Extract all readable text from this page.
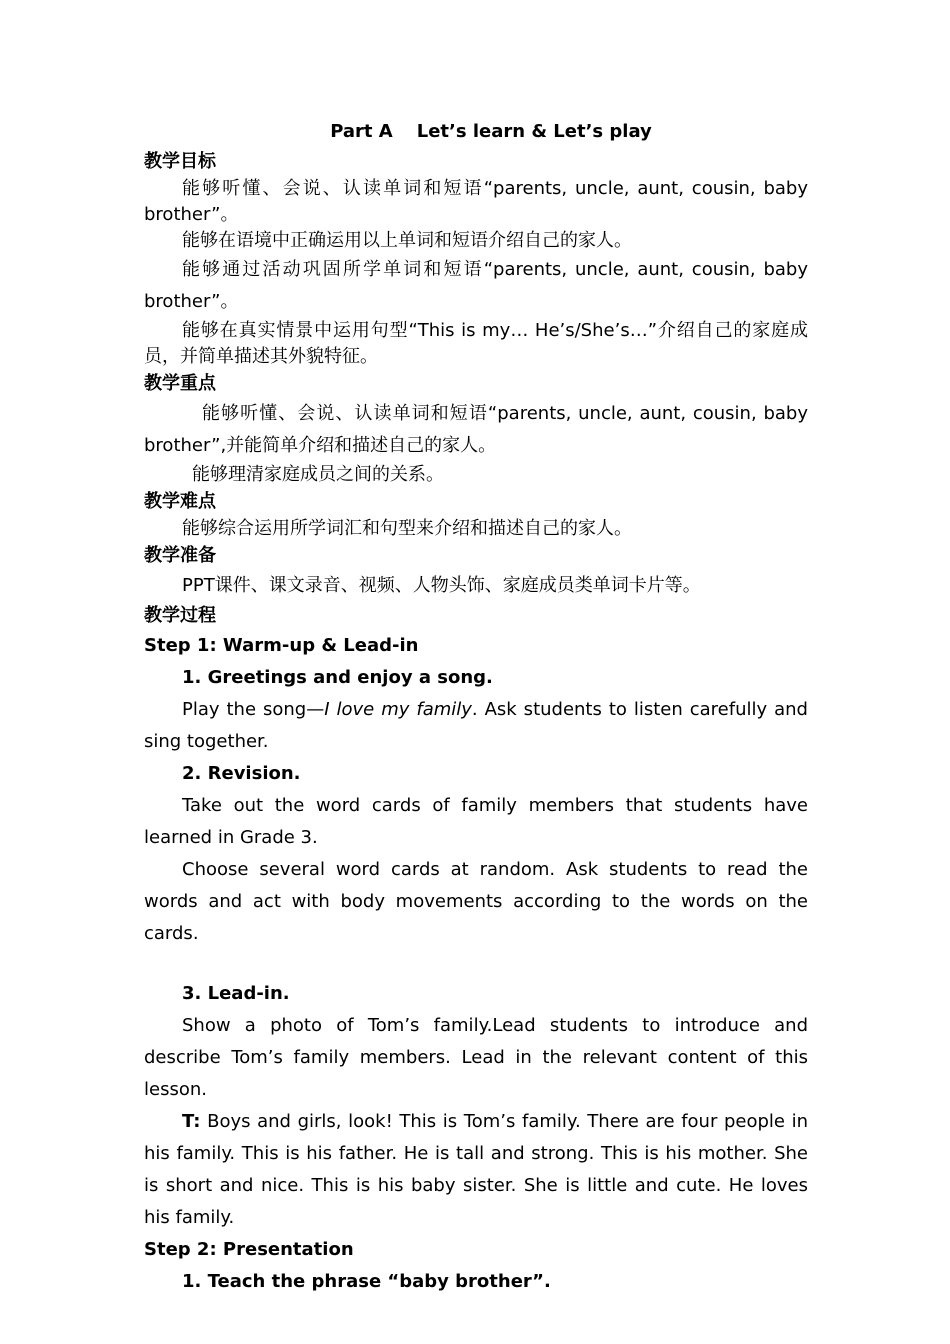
Part A Let’s learn & Let’s play
教学目标
能够听懂、会说、认读单词和短语“parents, uncle, aunt, cousin, baby brother”。
能够在语境中正确运用以上单词和短语介绍自己的家人。
能够通过活动巩固所学单词和短语“parents, uncle, aunt, cousin, baby brother”。
能够在真实情景中运用句型“This is my… He’s/She’s…”介绍自己的家庭成员，并简单描述其外貌特征。
教学重点
能够听懂、会说、认读单词和短语“parents, uncle, aunt, cousin, baby brother”,并能简单介绍和描述自己的家人。
能够理清家庭成员之间的关系。
教学难点
能够综合运用所学词汇和句型来介绍和描述自己的家人。
教学准备
PPT课件、课文录音、视频、人物头饰、家庭成员类单词卡片等。
教学过程
Step 1: Warm-up & Lead-in
1. Greetings and enjoy a song.
Play the song—I love my family. Ask students to listen carefully and sing together.
2. Revision.
Take out the word cards of family members that students have learned in Grade 3.
Choose several word cards at random. Ask students to read the words and act with body movements according to the words on the cards.
3. Lead-in.
Show a photo of Tom’s family.Lead students to introduce and describe Tom’s family members. Lead in the relevant content of this lesson.
T: Boys and girls, look! This is Tom’s family. There are four people in his family. This is his father. He is tall and strong. This is his mother. She is short and nice. This is his baby sister. She is little and cute. He loves his family.
Step 2: Presentation
1. Teach the phrase “baby brother”.
